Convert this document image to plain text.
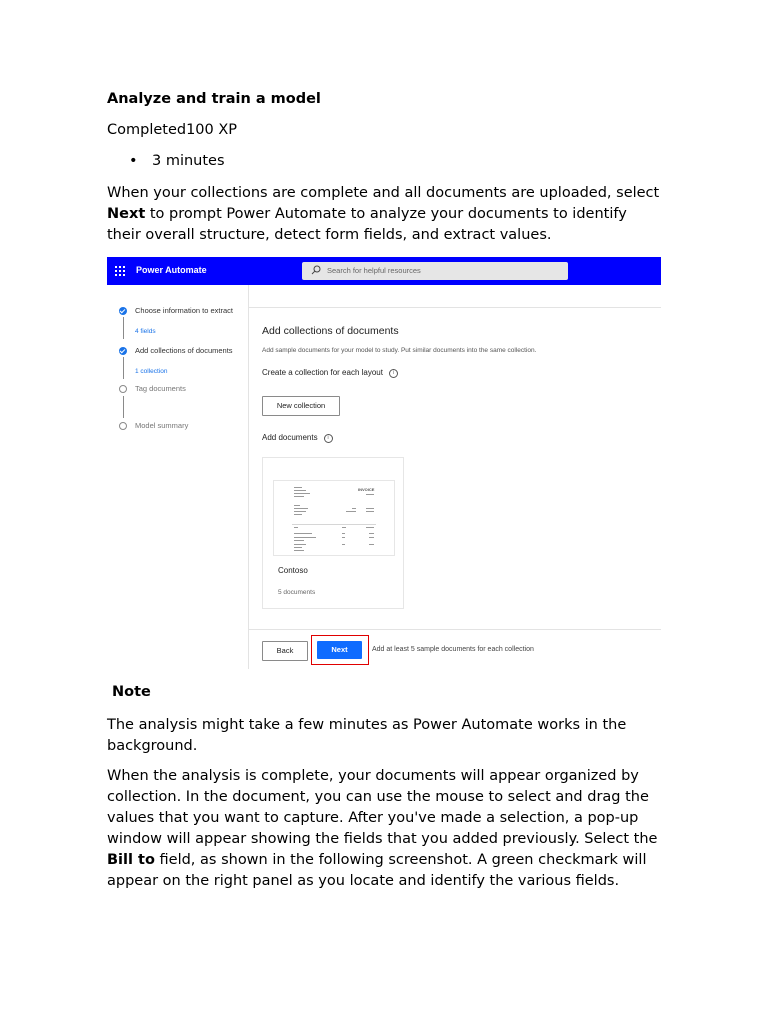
Analyze and train a model
Completed100 XP
• 3 minutes
When your collections are complete and all documents are uploaded, select Next to prompt Power Automate to analyze your documents to identify their overall structure, detect form fields, and extract values.
Note
The analysis might take a few minutes as Power Automate works in the background.
When the analysis is complete, your documents will appear organized by collection. In the document, you can use the mouse to select and drag the values that you want to capture. After you've made a selection, a pop-up window will appear showing the fields that you added previously. Select the Bill to field, as shown in the following screenshot. A green checkmark will appear on the right panel as you locate and identify the various fields.
Power Automate	Search for helpful resources
Choose information to extract
4 fields
Add collections of documents
1 collection
Tag documents
Model summary
Add collections of documents
Add sample documents for your model to study. Put similar documents into the same collection.
Create a collection for each layout i
New collection
Add documents i
INVOICE
Contoso
5 documents
Back	Next	Add at least 5 sample documents for each collection
